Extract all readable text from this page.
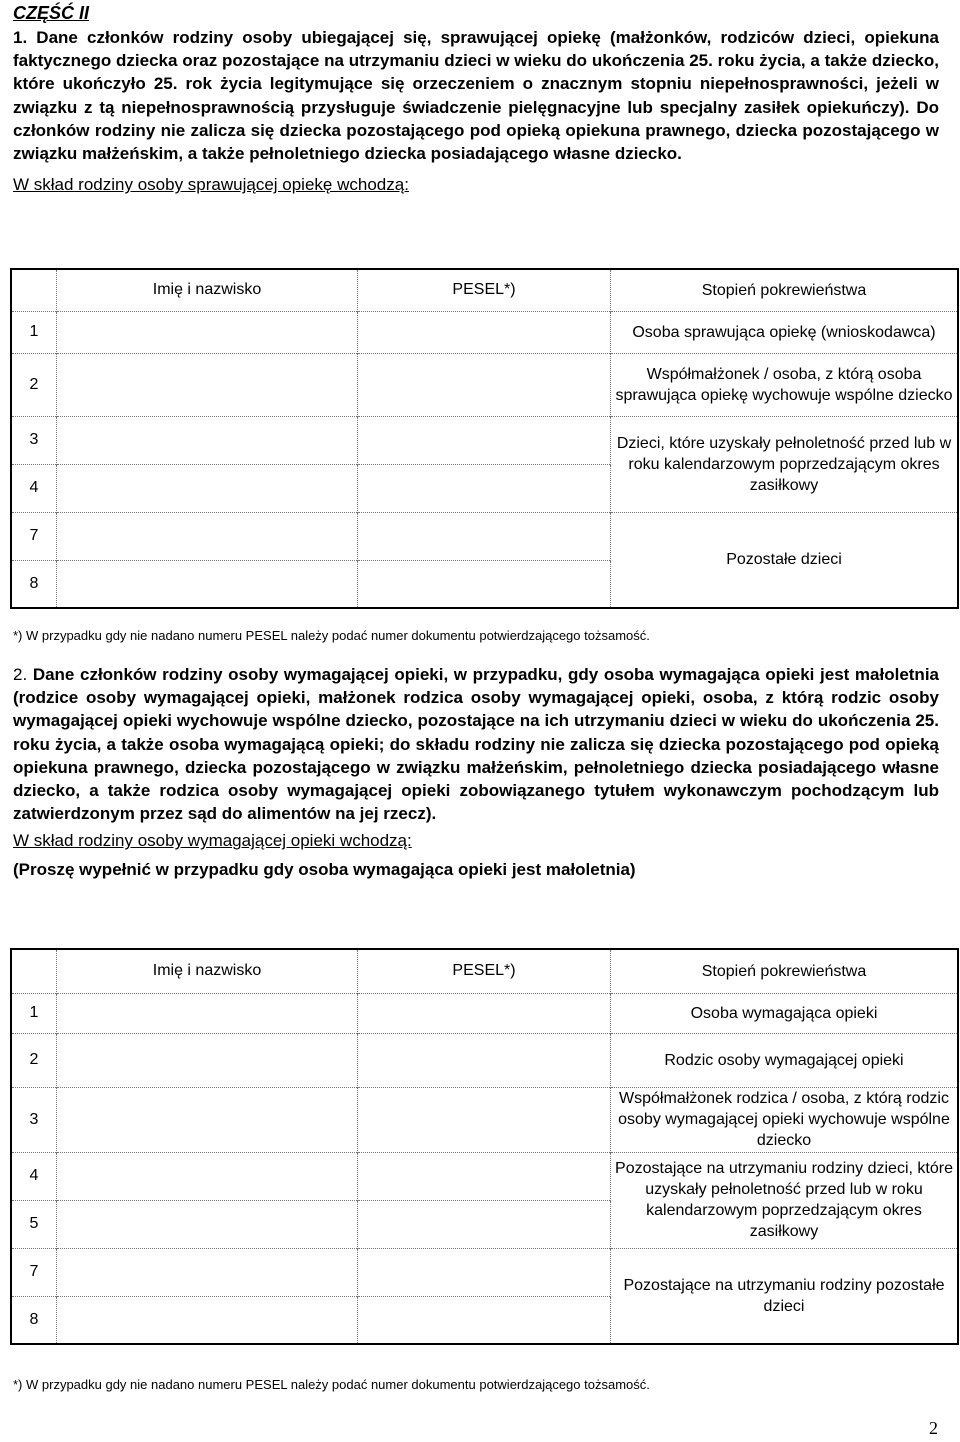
CZĘŚĆ II

1. Dane członków rodziny osoby ubiegającej się, sprawującej opiekę (małżonków, rodziców dzieci, opiekuna faktycznego dziecka oraz pozostające na utrzymaniu dzieci w wieku do ukończenia 25. roku życia, a także dziecko, które ukończyło 25. rok życia legitymujące się orzeczeniem o znacznym stopniu niepełnosprawności, jeżeli w związku z tą niepełnosprawnością przysługuje świadczenie pielęgnacyjne lub specjalny zasiłek opiekuńczy). Do członków rodziny nie zalicza się dziecka pozostającego pod opieką opiekuna prawnego, dziecka pozostającego w związku małżeńskim, a także pełnoletniego dziecka posiadającego własne dziecko.

W skład rodziny osoby sprawującej opiekę wchodzą:
	Imię i nazwisko	PESEL*)	Stopień pokrewieństwa
1			Osoba sprawująca opiekę (wnioskodawca)
2			Współmałżonek / osoba, z którą osoba sprawująca opiekę wychowuje wspólne dziecko
3			Dzieci, które uzyskały pełnoletność przed lub w roku kalendarzowym poprzedzającym okres zasiłkowy
4			
7			Pozostałe dzieci
8			
*) W przypadku gdy nie nadano numeru PESEL należy podać numer dokumentu potwierdzającego tożsamość.

2. Dane członków rodziny osoby wymagającej opieki, w przypadku, gdy osoba wymagająca opieki jest małoletnia (rodzice osoby wymagającej opieki, małżonek rodzica osoby wymagającej opieki, osoba, z którą rodzic osoby wymagającej opieki wychowuje wspólne dziecko, pozostające na ich utrzymaniu dzieci w wieku do ukończenia 25. roku życia, a także osoba wymagającą opieki; do składu rodziny nie zalicza się dziecka pozostającego pod opieką opiekuna prawnego, dziecka pozostającego w związku małżeńskim, pełnoletniego dziecka posiadającego własne dziecko, a także rodzica osoby wymagającej opieki zobowiązanego tytułem wykonawczym pochodzącym lub zatwierdzonym przez sąd do alimentów na jej rzecz).

W skład rodziny osoby wymagającej opieki wchodzą:
(Proszę wypełnić w przypadku gdy osoba wymagająca opieki jest małoletnia)
	Imię i nazwisko	PESEL*)	Stopień pokrewieństwa
1			Osoba wymagająca opieki
2			Rodzic osoby wymagającej opieki
3			Współmałżonek rodzica / osoba, z którą rodzic osoby wymagającej opieki wychowuje wspólne dziecko
4			Pozostające na utrzymaniu rodziny dzieci, które uzyskały pełnoletność przed lub w roku kalendarzowym poprzedzającym okres zasiłkowy
5			
7			Pozostające na utrzymaniu rodziny pozostałe dzieci
8			
*) W przypadku gdy nie nadano numeru PESEL należy podać numer dokumentu potwierdzającego tożsamość.
2
